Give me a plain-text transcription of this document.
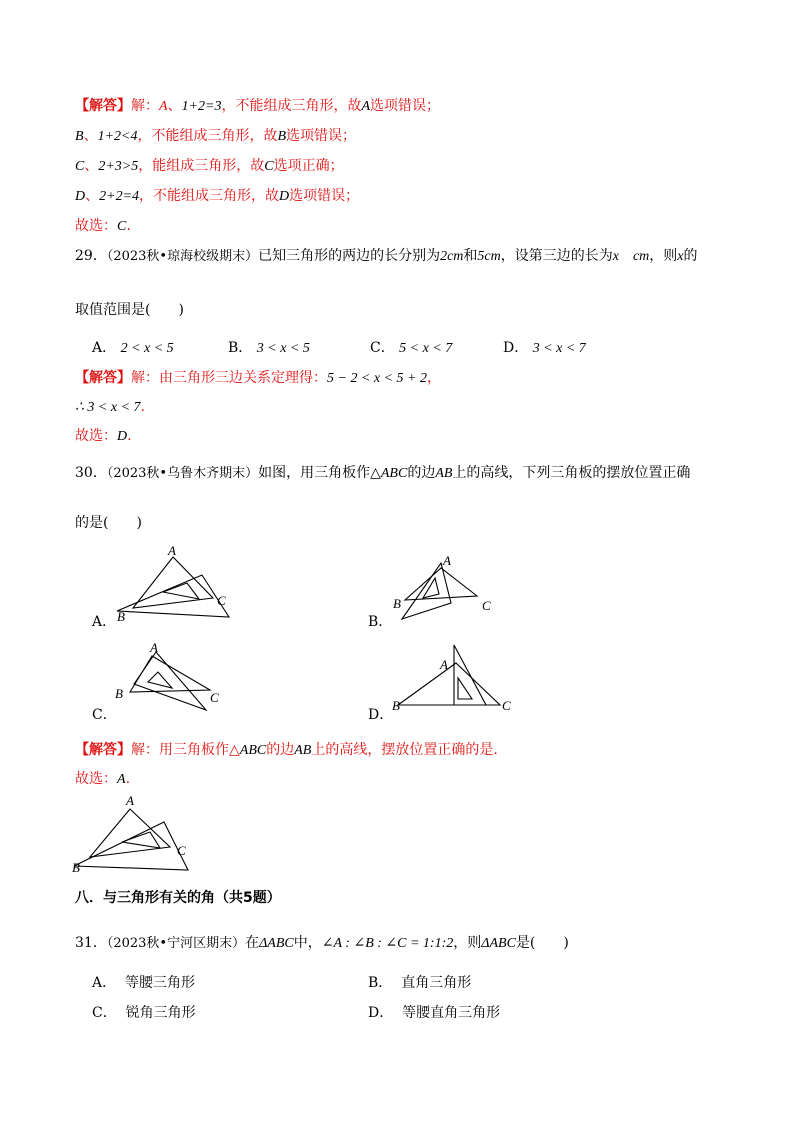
【解答】解：A、1+2=3，不能组成三角形，故A选项错误；
B、1+2<4，不能组成三角形，故B选项错误；
C、2+3>5，能组成三角形，故C选项正确；
D、2+2=4，不能组成三角形，故D选项错误；
故选：C.
29．（2023秋•琼海校级期末）已知三角形的两边的长分别为2cm和5cm，设第三边的长为x cm，则x的
取值范围是(　　)
A． 2 < x < 5	B． 3 < x < 5	C． 5 < x < 7	D． 3 < x < 7
【解答】解：由三角形三边关系定理得：5 − 2 < x < 5 + 2，
∴ 3 < x < 7.
故选：D.
30．（2023秋•乌鲁木齐期末）如图，用三角板作△ABC的边AB上的高线，下列三角板的摆放位置正确
的是(　　)
A．
A
B
C
B．
A
B	C
C．
A
B	C
D．
A
B	C
【解答】解：用三角板作△ABC的边AB上的高线，摆放位置正确的是.
故选：A.
A
B
C
八．与三角形有关的角（共5题）
31．（2023秋•宁河区期末）在ΔABC中，∠A : ∠B : ∠C = 1:1:2，则ΔABC是(　　)
A． 等腰三角形	B． 直角三角形
C． 锐角三角形	D． 等腰直角三角形
